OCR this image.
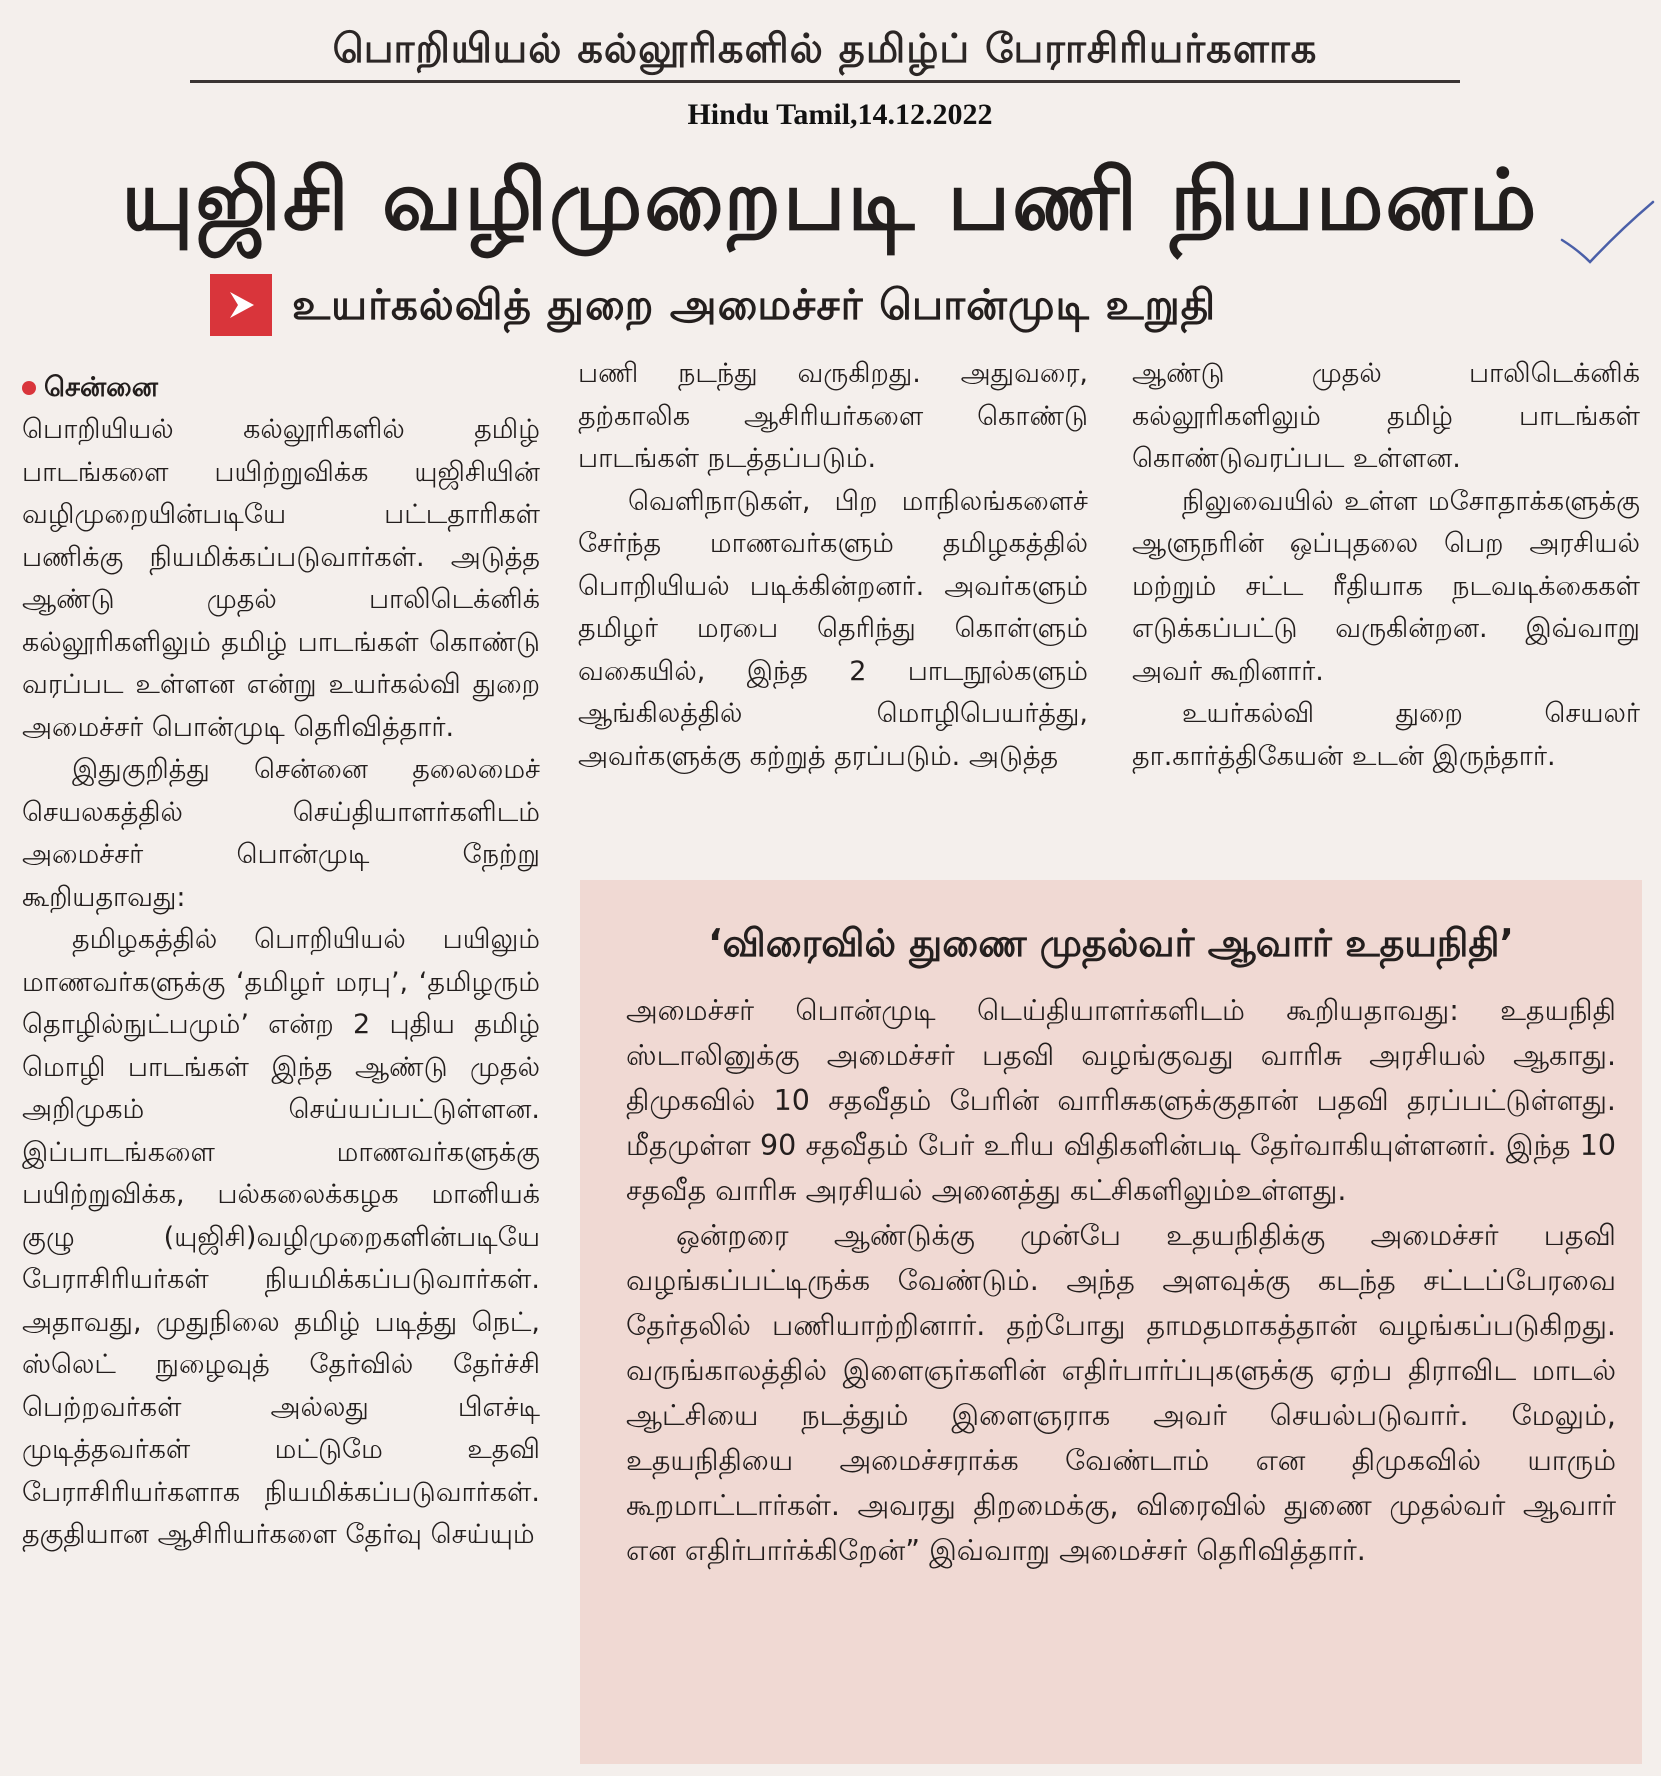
பொறியியல் கல்லூரிகளில் தமிழ்ப் பேராசிரியர்களாக
Hindu Tamil,14.12.2022
யுஜிசி வழிமுறைபடி பணி நியமனம்
உயர்கல்வித் துறை அமைச்சர் பொன்முடி உறுதி
சென்னை

பொறியியல் கல்லூரிகளில் தமிழ் பாடங்களை பயிற்றுவிக்க யுஜிசியின் வழிமுறையின்படியே பட்டதாரிகள் பணிக்கு நியமிக்கப்படுவார்கள். அடுத்த ஆண்டு முதல் பாலிடெக்னிக் கல்லூரிகளிலும் தமிழ் பாடங்கள் கொண்டு வரப்பட உள்ளன என்று உயர்கல்வி துறை அமைச்சர் பொன்முடி தெரிவித்தார்.

இதுகுறித்து சென்னை தலைமைச் செயலகத்தில் செய்தியாளர்களிடம் அமைச்சர் பொன்முடி நேற்று கூறியதாவது:

தமிழகத்தில் பொறியியல் பயிலும் மாணவர்களுக்கு ‘தமிழர் மரபு’, ‘தமிழரும் தொழில்நுட்பமும்’ என்ற 2 புதிய தமிழ் மொழி பாடங்கள் இந்த ஆண்டு முதல் அறிமுகம் செய்யப்பட்டுள்ளன. இப்பாடங்களை மாணவர்களுக்கு பயிற்றுவிக்க, பல்கலைக்கழக மானியக் குழு (யுஜிசி)வழிமுறைகளின்படியே பேராசிரியர்கள் நியமிக்கப்படுவார்கள். அதாவது, முதுநிலை தமிழ் படித்து நெட், ஸ்லெட் நுழைவுத் தேர்வில் தேர்ச்சி பெற்றவர்கள் அல்லது பிஎச்டி முடித்தவர்கள் மட்டுமே உதவி பேராசிரியர்களாக நியமிக்கப்படுவார்கள். தகுதியான ஆசிரியர்களை தேர்வு செய்யும்

பணி நடந்து வருகிறது. அதுவரை, தற்காலிக ஆசிரியர்களை கொண்டு பாடங்கள் நடத்தப்படும்.

வெளிநாடுகள், பிற மாநிலங்களைச் சேர்ந்த மாணவர்களும் தமிழகத்தில் பொறியியல் படிக்கின்றனர். அவர்களும் தமிழர் மரபை தெரிந்து கொள்ளும் வகையில், இந்த 2 பாடநூல்களும் ஆங்கிலத்தில் மொழிபெயர்த்து, அவர்களுக்கு கற்றுத் தரப்படும். அடுத்த

ஆண்டு முதல் பாலிடெக்னிக் கல்லூரிகளிலும் தமிழ் பாடங்கள் கொண்டுவரப்பட உள்ளன.

நிலுவையில் உள்ள மசோதாக்களுக்கு ஆளுநரின் ஒப்புதலை பெற அரசியல் மற்றும் சட்ட ரீதியாக நடவடிக்கைகள் எடுக்கப்பட்டு வருகின்றன. இவ்வாறு அவர் கூறினார்.

உயர்கல்வி துறை செயலர் தா.கார்த்திகேயன் உடன் இருந்தார்.

‘விரைவில் துணை முதல்வர் ஆவார் உதயநிதி’

அமைச்சர் பொன்முடி டெய்தியாளர்களிடம் கூறியதாவது: உதயநிதி ஸ்டாலினுக்கு அமைச்சர் பதவி வழங்குவது வாரிசு அரசியல் ஆகாது. திமுகவில் 10 சதவீதம் பேரின் வாரிசுகளுக்குதான் பதவி தரப்பட்டுள்ளது. மீதமுள்ள 90 சதவீதம் பேர் உரிய விதிகளின்படி தேர்வாகியுள்ளனர். இந்த 10 சதவீத வாரிசு அரசியல் அனைத்து கட்சிகளிலும்உள்ளது.

ஒன்றரை ஆண்டுக்கு முன்பே உதயநிதிக்கு அமைச்சர் பதவி வழங்கப்பட்டிருக்க வேண்டும். அந்த அளவுக்கு கடந்த சட்டப்பேரவை தேர்தலில் பணியாற்றினார். தற்போது தாமதமாகத்தான் வழங்கப்படுகிறது. வருங்காலத்தில் இளைஞர்களின் எதிர்பார்ப்புகளுக்கு ஏற்ப திராவிட மாடல் ஆட்சியை நடத்தும் இளைஞராக அவர் செயல்படுவார். மேலும், உதயநிதியை அமைச்சராக்க வேண்டாம் என திமுகவில் யாரும் கூறமாட்டார்கள். அவரது திறமைக்கு, விரைவில் துணை முதல்வர் ஆவார் என எதிர்பார்க்கிறேன்” இவ்வாறு அமைச்சர் தெரிவித்தார்.
